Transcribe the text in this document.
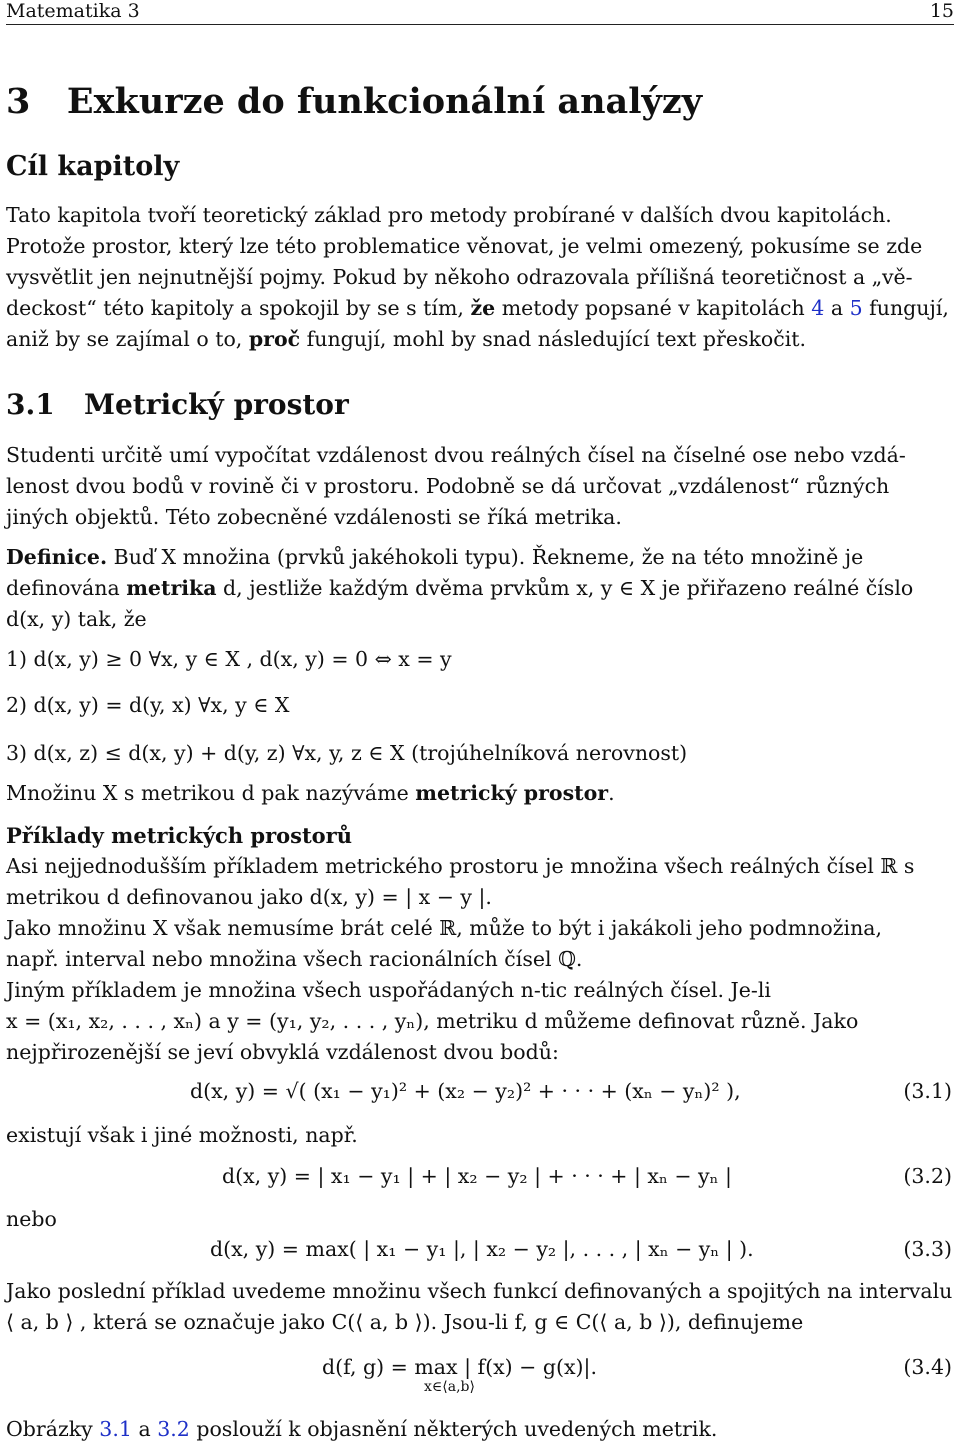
Matematika 3	15
3 Exkurze do funkcionální analýzy
Cíl kapitoly
Tato kapitola tvoří teoretický základ pro metody probírané v dalších dvou kapitolách.
Protože prostor, který lze této problematice věnovat, je velmi omezený, pokusíme se zde
vysvětlit jen nejnutnější pojmy. Pokud by někoho odrazovala přílišná teoretičnost a „vě-
deckost“ této kapitoly a spokojil by se s tím, že metody popsané v kapitolách 4 a 5 fungují,
aniž by se zajímal o to, proč fungují, mohl by snad následující text přeskočit.
3.1 Metrický prostor
Studenti určitě umí vypočítat vzdálenost dvou reálných čísel na číselné ose nebo vzdá-
lenost dvou bodů v rovině či v prostoru. Podobně se dá určovat „vzdálenost“ různých
jiných objektů. Této zobecněné vzdálenosti se říká metrika.
Definice. Buď X množina (prvků jakéhokoli typu). Řekneme, že na této množině je
definována metrika d, jestliže každým dvěma prvkům x, y ∈ X je přiřazeno reálné číslo
d(x, y) tak, že
1) d(x, y) ≥ 0 ∀x, y ∈ X , d(x, y) = 0 ⇔ x = y
2) d(x, y) = d(y, x) ∀x, y ∈ X
3) d(x, z) ≤ d(x, y) + d(y, z) ∀x, y, z ∈ X (trojúhelníková nerovnost)
Množinu X s metrikou d pak nazýváme metrický prostor.
Příklady metrických prostorů
Asi nejjednodušším příkladem metrického prostoru je množina všech reálných čísel ℝ s
metrikou d definovanou jako d(x, y) = | x − y |.
Jako množinu X však nemusíme brát celé ℝ, může to být i jakákoli jeho podmnožina,
např. interval nebo množina všech racionálních čísel ℚ.
Jiným příkladem je množina všech uspořádaných n-tic reálných čísel. Je-li
x = (x₁, x₂, . . . , xₙ) a y = (y₁, y₂, . . . , yₙ), metriku d můžeme definovat různě. Jako
nejpřirozenější se jeví obvyklá vzdálenost dvou bodů:
d(x, y) = √( (x₁ − y₁)² + (x₂ − y₂)² + · · · + (xₙ − yₙ)² ),	(3.1)
existují však i jiné možnosti, např.
d(x, y) = | x₁ − y₁ | + | x₂ − y₂ | + · · · + | xₙ − yₙ |	(3.2)
nebo
d(x, y) = max( | x₁ − y₁ |, | x₂ − y₂ |, . . . , | xₙ − yₙ | ).	(3.3)
Jako poslední příklad uvedeme množinu všech funkcí definovaných a spojitých na intervalu
⟨ a, b ⟩ , která se označuje jako C(⟨ a, b ⟩). Jsou-li f, g ∈ C(⟨ a, b ⟩), definujeme
d(f, g) = max | f(x) − g(x)|.
x∈⟨a,b⟩
(3.4)
Obrázky 3.1 a 3.2 poslouží k objasnění některých uvedených metrik.
